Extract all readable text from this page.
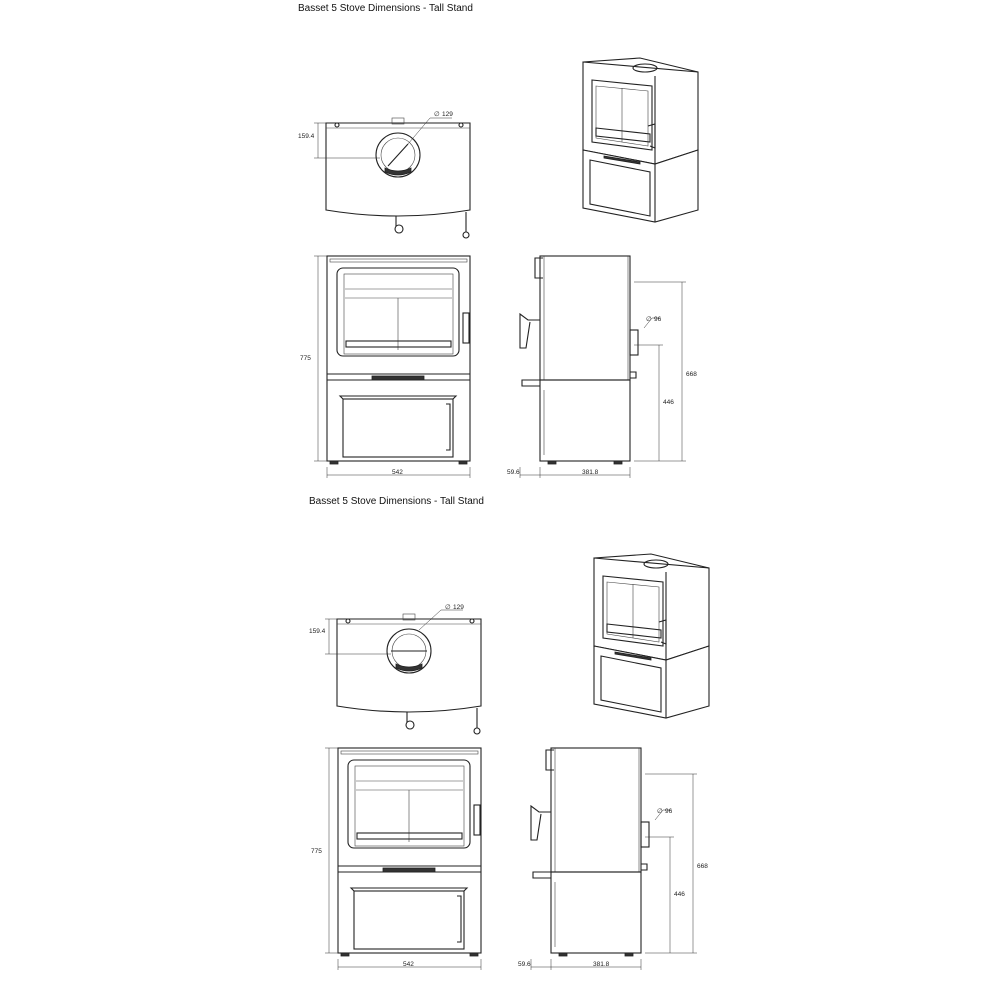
Basset 5 Stove Dimensions - Tall Stand
159.4
∅ 129
775
542
∅ 96
668
446
59.6	381.8
Basset 5 Stove Dimensions - Tall Stand
159.4
∅ 129
775
542
∅ 96
668
446
59.6	381.8
